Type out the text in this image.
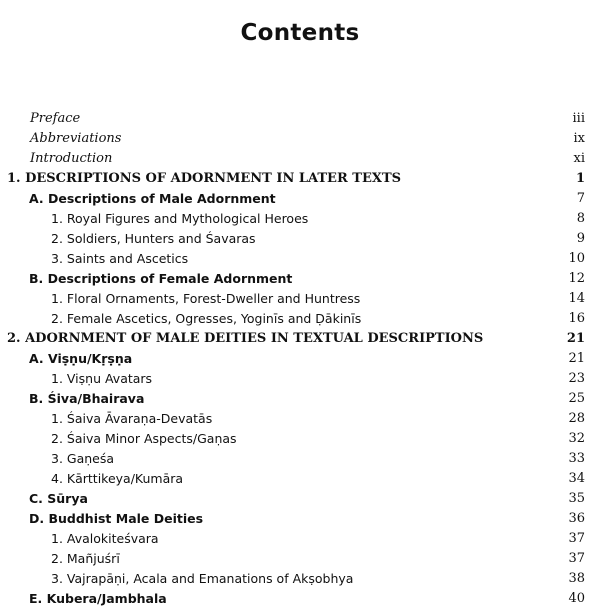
Contents
Preface	iii
Abbreviations	ix
Introduction	xi
1. DESCRIPTIONS OF ADORNMENT IN LATER TEXTS	1
A. Descriptions of Male Adornment	7
1. Royal Figures and Mythological Heroes	8
2. Soldiers, Hunters and Śavaras	9
3. Saints and Ascetics	10
B. Descriptions of Female Adornment	12
1. Floral Ornaments, Forest-Dweller and Huntress	14
2. Female Ascetics, Ogresses, Yoginīs and Ḍākinīs	16
2. ADORNMENT OF MALE DEITIES IN TEXTUAL DESCRIPTIONS	21
A. Viṣṇu/Kṛṣṇa	21
1. Viṣṇu Avatars	23
B. Śiva/Bhairava	25
1. Śaiva Āvaraṇa-Devatās	28
2. Śaiva Minor Aspects/Gaṇas	32
3. Gaṇeśa	33
4. Kārttikeya/Kumāra	34
C. Sūrya	35
D. Buddhist Male Deities	36
1. Avalokiteśvara	37
2. Mañjuśrī	37
3. Vajrapāṇi, Acala and Emanations of Akṣobhya	38
E. Kubera/Jambhala	40
